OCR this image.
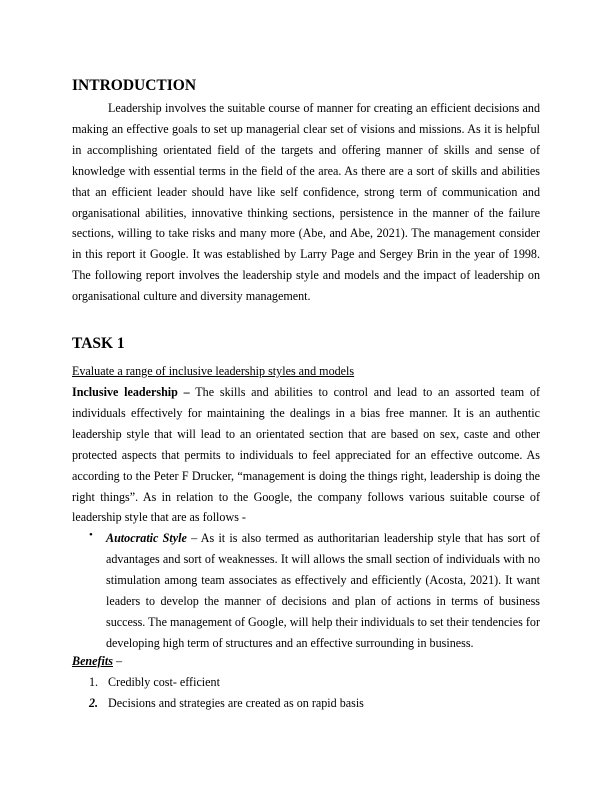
INTRODUCTION

Leadership involves the suitable course of manner for creating an efficient decisions and making an effective goals to set up managerial clear set of visions and missions. As it is helpful in accomplishing orientated field of the targets and offering manner of skills and sense of knowledge with essential terms in the field of the area. As there are a sort of skills and abilities that an efficient leader should have like self confidence, strong term of communication and organisational abilities, innovative thinking sections, persistence in the manner of the failure sections, willing to take risks and many more (Abe, and Abe, 2021). The management consider in this report it Google. It was established by Larry Page and Sergey Brin in the year of 1998. The following report involves the leadership style and models and the impact of leadership on organisational culture and diversity management.

TASK 1
Evaluate a range of inclusive leadership styles and models

Inclusive leadership – The skills and abilities to control and lead to an assorted team of individuals effectively for maintaining the dealings in a bias free manner. It is an authentic leadership style that will lead to an orientated section that are based on sex, caste and other protected aspects that permits to individuals to feel appreciated for an effective outcome. As according to the Peter F Drucker, “management is doing the things right, leadership is doing the right things”. As in relation to the Google, the company follows various suitable course of leadership style that are as follows -

• Autocratic Style – As it is also termed as authoritarian leadership style that has sort of advantages and sort of weaknesses. It will allows the small section of individuals with no stimulation among team associates as effectively and efficiently (Acosta, 2021). It want leaders to develop the manner of decisions and plan of actions in terms of business success. The management of Google, will help their individuals to set their tendencies for developing high term of structures and an effective surrounding in business.

Benefits –
1. Credibly cost- efficient
2. Decisions and strategies are created as on rapid basis
